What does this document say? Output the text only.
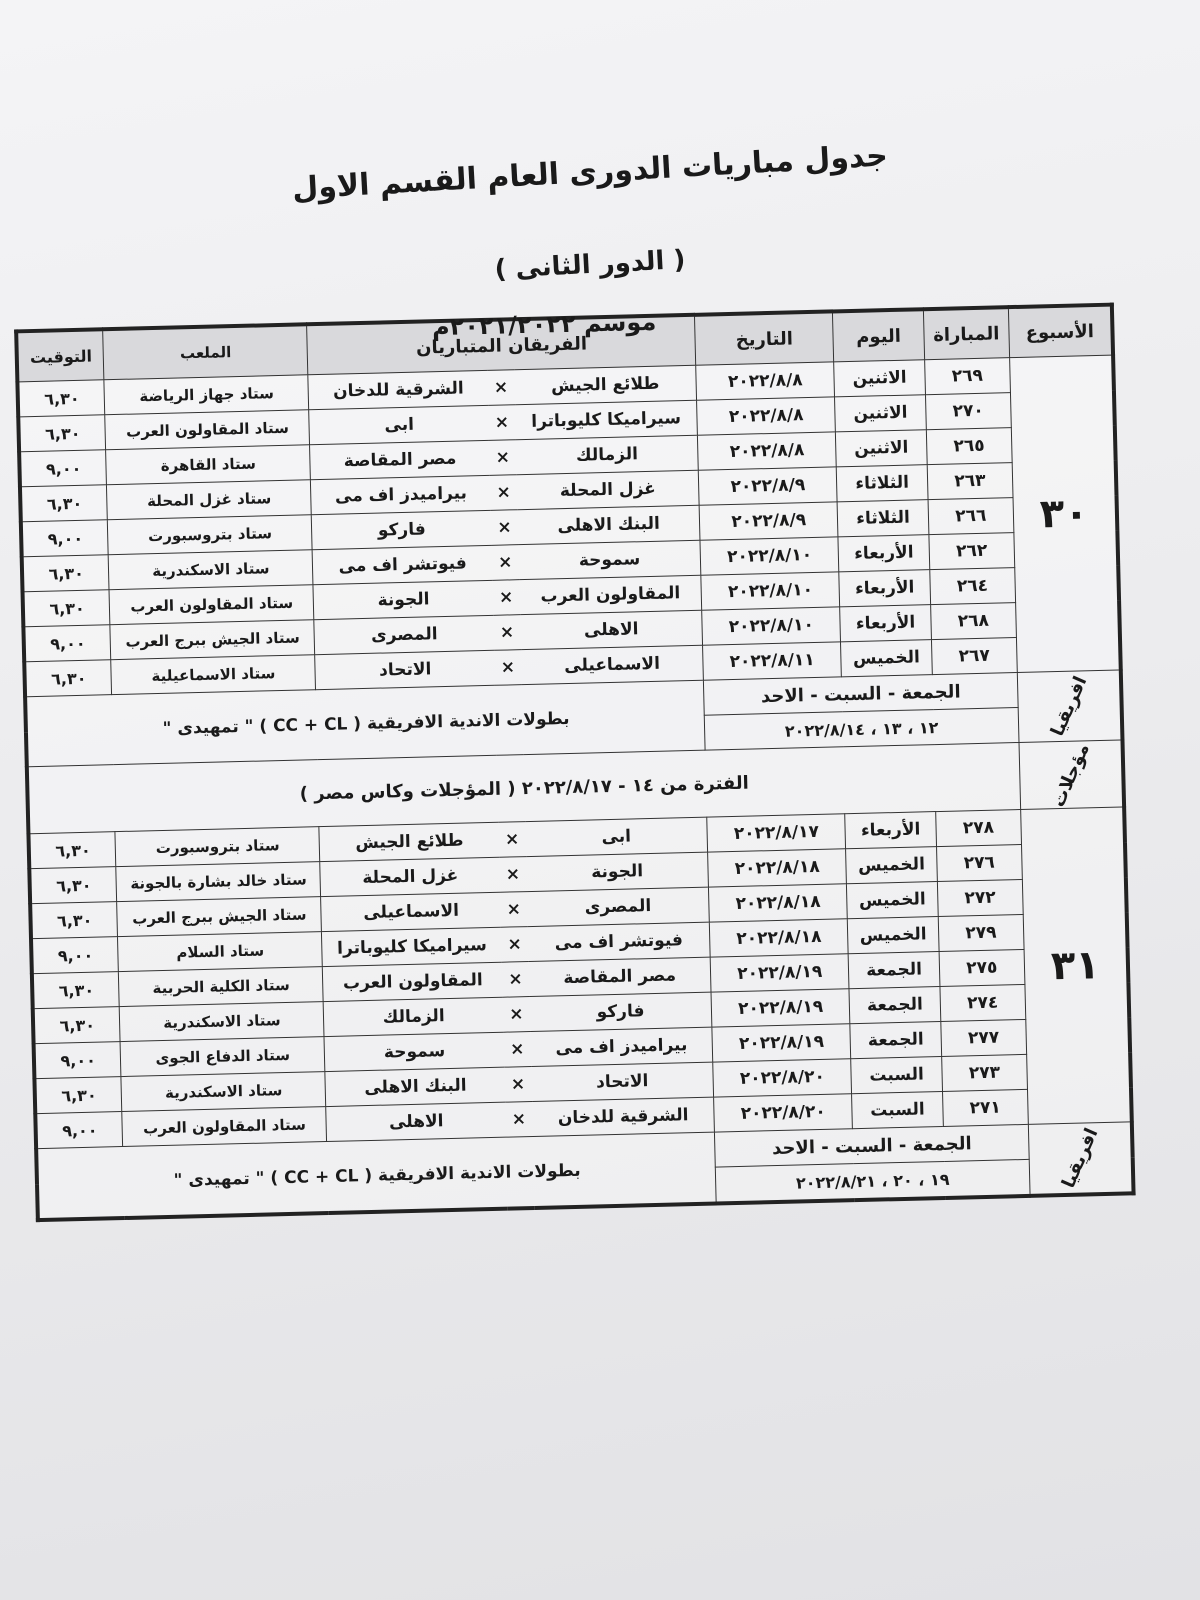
جدول مباريات الدورى العام القسم الاول
( الدور الثانى )
موسم ٢٠٢١/٢٠٢٢م	الأسبوع	المباراة	اليوم	التاريخ	الفريقان المتباريان			الملعب	التوقيت
٣٠	٢٦٩	الاثنين	٢٠٢٢/٨/٨	طلائع الجيش	×	الشرقية للدخان	ستاد جهاز الرياضة	٦,٣٠
	٢٧٠	الاثنين	٢٠٢٢/٨/٨	سيراميكا كليوباترا	×	ابى	ستاد المقاولون العرب	٦,٣٠
	٢٦٥	الاثنين	٢٠٢٢/٨/٨	الزمالك	×	مصر المقاصة	ستاد القاهرة	٩,٠٠
	٢٦٣	الثلاثاء	٢٠٢٢/٨/٩	غزل المحلة	×	بيراميدز اف مى	ستاد غزل المحلة	٦,٣٠
	٢٦٦	الثلاثاء	٢٠٢٢/٨/٩	البنك الاهلى	×	فاركو	ستاد بتروسبورت	٩,٠٠
	٢٦٢	الأربعاء	٢٠٢٢/٨/١٠	سموحة	×	فيوتشر اف مى	ستاد الاسكندرية	٦,٣٠
	٢٦٤	الأربعاء	٢٠٢٢/٨/١٠	المقاولون العرب	×	الجونة	ستاد المقاولون العرب	٦,٣٠
	٢٦٨	الأربعاء	٢٠٢٢/٨/١٠	الاهلى	×	المصرى	ستاد الجيش ببرج العرب	٩,٠٠
	٢٦٧	الخميس	٢٠٢٢/٨/١١	الاسماعيلى	×	الاتحاد	ستاد الاسماعيلية	٦,٣٠
افريقيا	الجمعة - السبت - الاحد			بطولات الاندية الافريقية ( CC + CL ) " تمهيدى "				
	١٢ ، ١٣ ، ٢٠٢٢/٨/١٤							
مؤجلات	الفترة من ١٤ - ٢٠٢٢/٨/١٧ ( المؤجلات وكاس مصر )							
٣١	٢٧٨	الأربعاء	٢٠٢٢/٨/١٧	ابى	×	طلائع الجيش	ستاد بتروسبورت	٦,٣٠
	٢٧٦	الخميس	٢٠٢٢/٨/١٨	الجونة	×	غزل المحلة	ستاد خالد بشارة بالجونة	٦,٣٠
	٢٧٢	الخميس	٢٠٢٢/٨/١٨	المصرى	×	الاسماعيلى	ستاد الجيش ببرج العرب	٦,٣٠
	٢٧٩	الخميس	٢٠٢٢/٨/١٨	فيوتشر اف مى	×	سيراميكا كليوباترا	ستاد السلام	٩,٠٠
	٢٧٥	الجمعة	٢٠٢٢/٨/١٩	مصر المقاصة	×	المقاولون العرب	ستاد الكلية الحربية	٦,٣٠
	٢٧٤	الجمعة	٢٠٢٢/٨/١٩	فاركو	×	الزمالك	ستاد الاسكندرية	٦,٣٠
	٢٧٧	الجمعة	٢٠٢٢/٨/١٩	بيراميدز اف مى	×	سموحة	ستاد الدفاع الجوى	٩,٠٠
	٢٧٣	السبت	٢٠٢٢/٨/٢٠	الاتحاد	×	البنك الاهلى	ستاد الاسكندرية	٦,٣٠
	٢٧١	السبت	٢٠٢٢/٨/٢٠	الشرقية للدخان	×	الاهلى	ستاد المقاولون العرب	٩,٠٠
افريقيا	الجمعة - السبت - الاحد			بطولات الاندية الافريقية ( CC + CL ) " تمهيدى "				
	١٩ ، ٢٠ ، ٢٠٢٢/٨/٢١							
